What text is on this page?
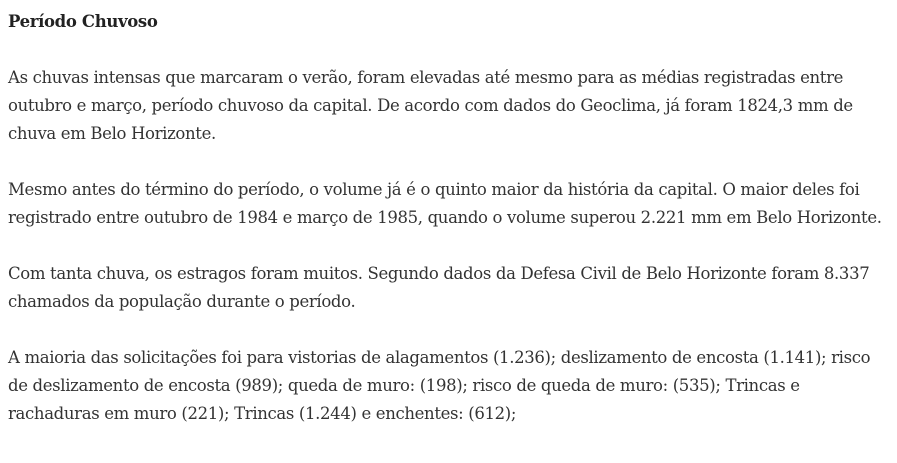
Período Chuvoso

As chuvas intensas que marcaram o verão, foram elevadas até mesmo para as médias registradas entre outubro e março, período chuvoso da capital. De acordo com dados do Geoclima, já foram 1824,3 mm de chuva em Belo Horizonte.

Mesmo antes do término do período, o volume já é o quinto maior da história da capital. O maior deles foi registrado entre outubro de 1984 e março de 1985, quando o volume superou 2.221 mm em Belo Horizonte.

Com tanta chuva, os estragos foram muitos. Segundo dados da Defesa Civil de Belo Horizonte foram 8.337 chamados da população durante o período.

A maioria das solicitações foi para vistorias de alagamentos (1.236); deslizamento de encosta (1.141); risco de deslizamento de encosta (989); queda de muro: (198); risco de queda de muro: (535); Trincas e rachaduras em muro (221); Trincas (1.244) e enchentes: (612);
